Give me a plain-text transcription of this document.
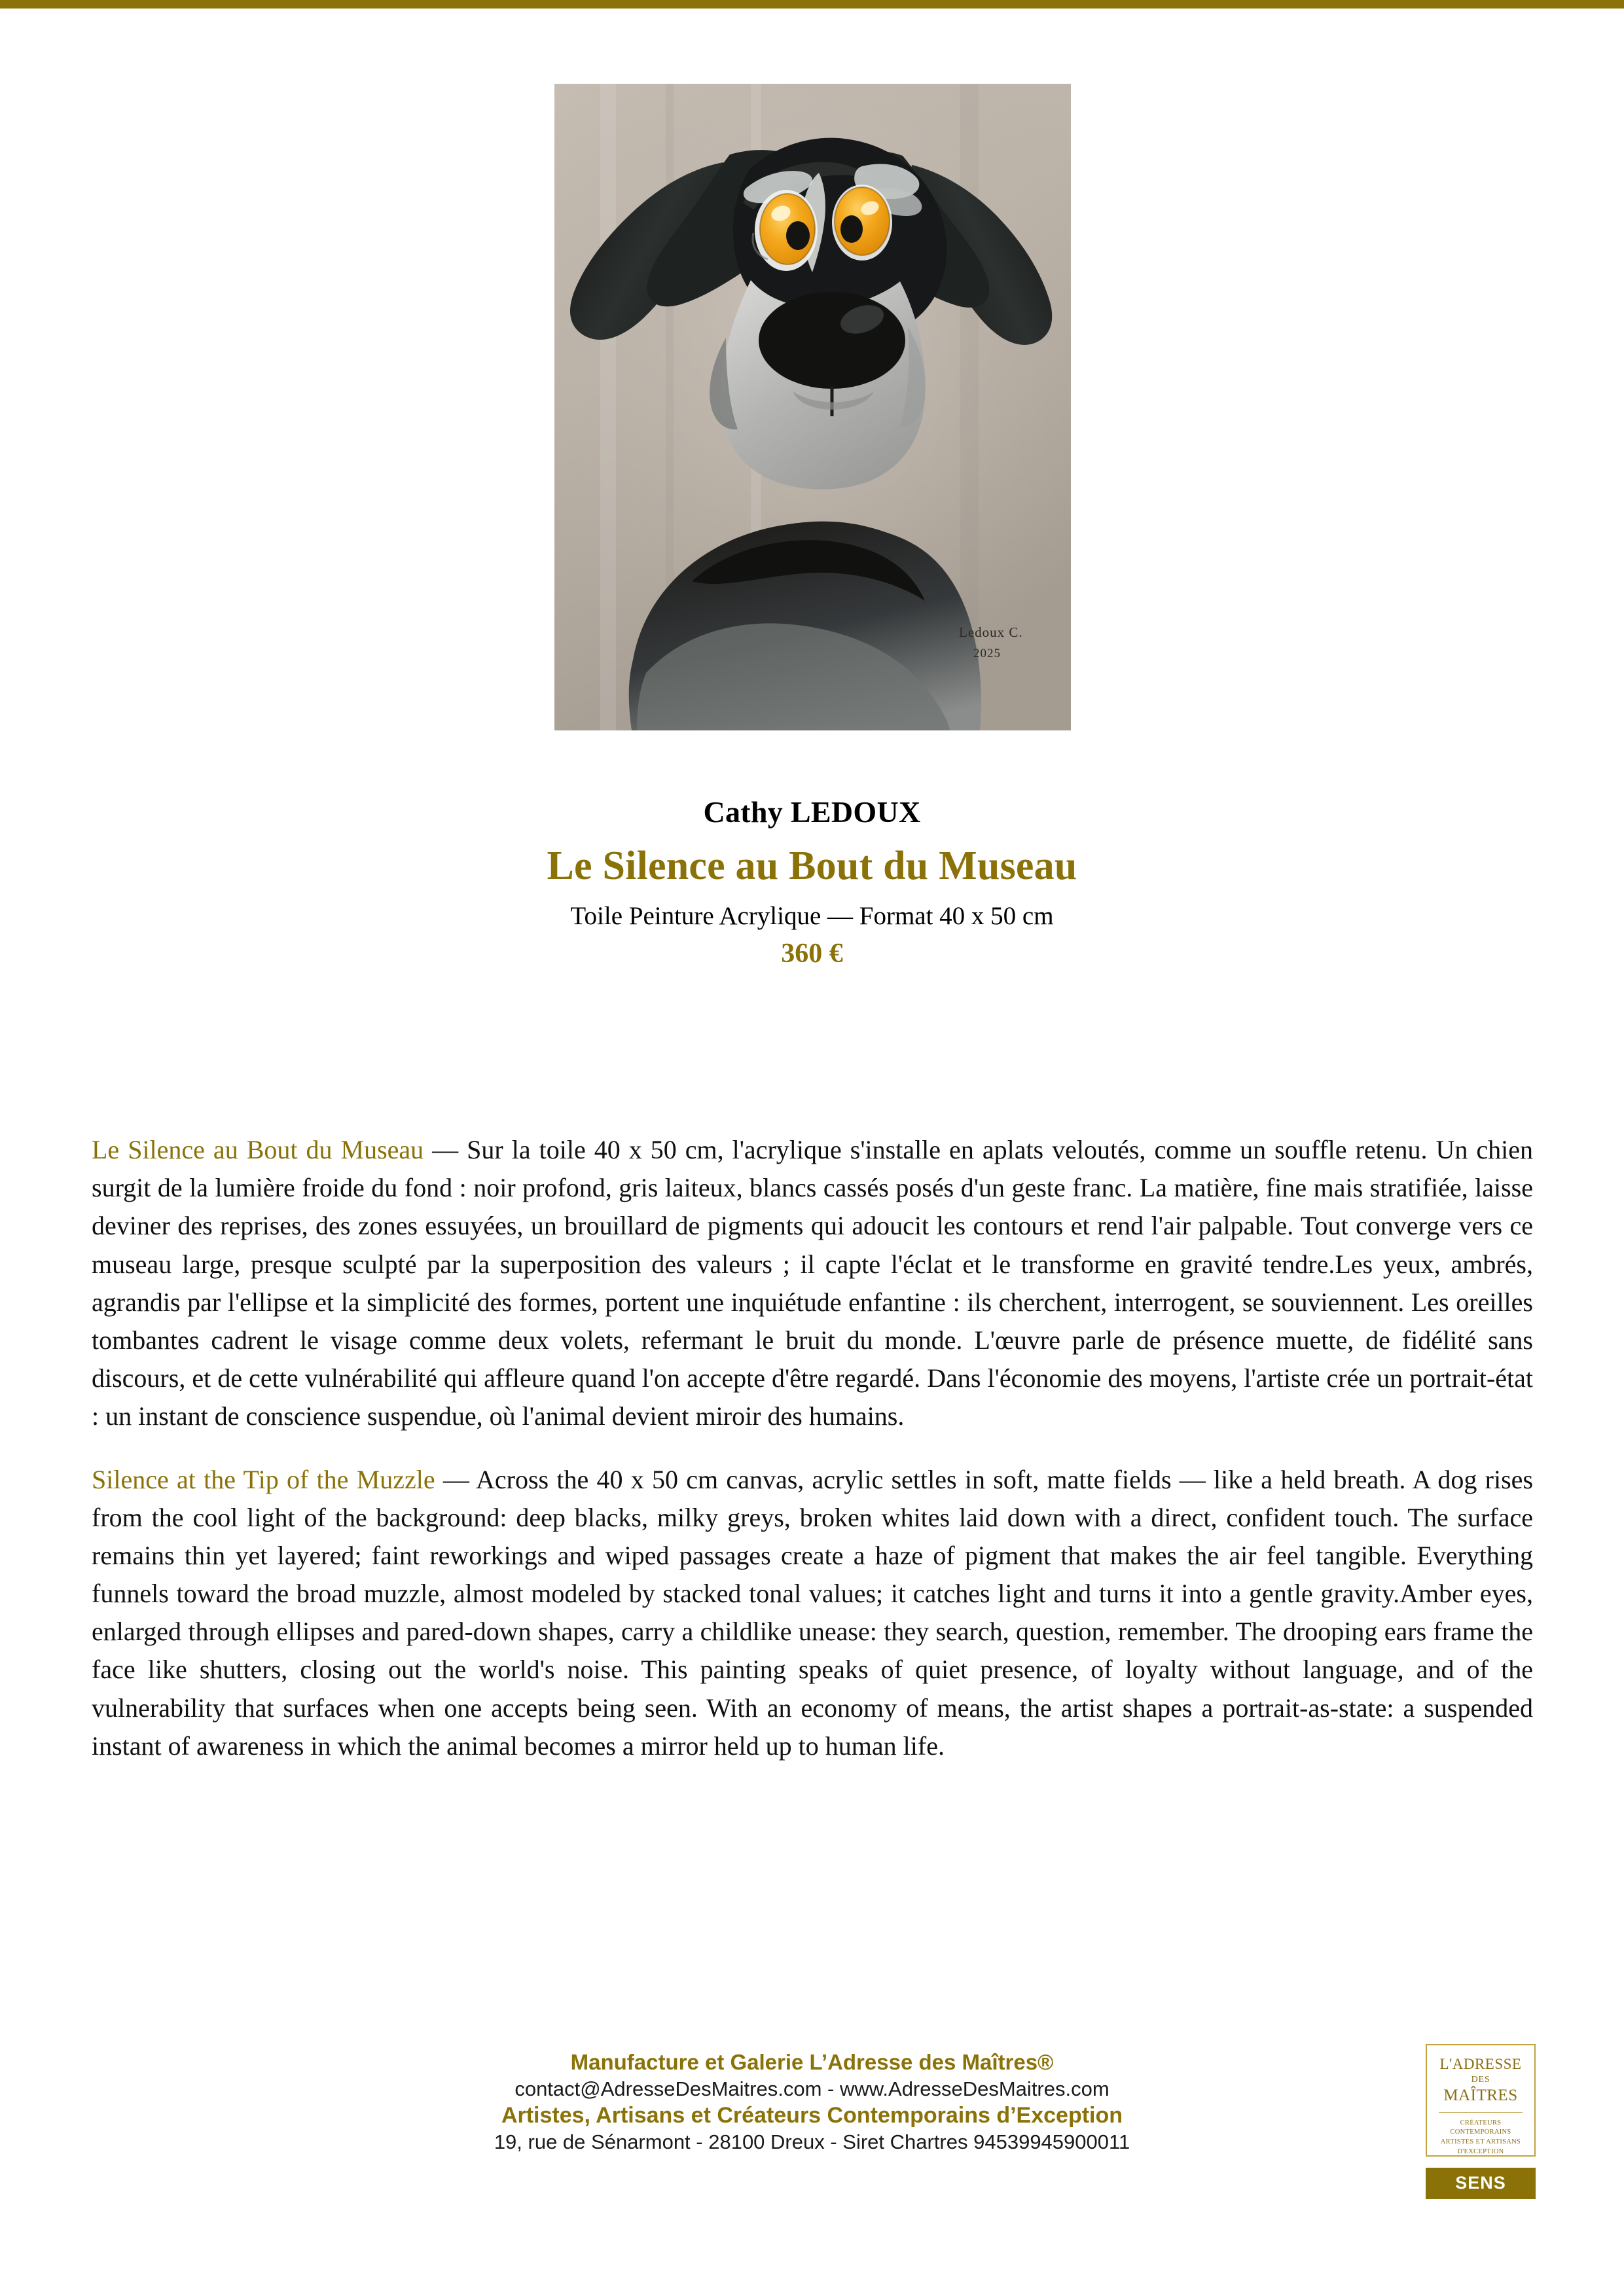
Ledoux C.
2025
Cathy LEDOUX
Le Silence au Bout du Museau
Toile Peinture Acrylique — Format 40 x 50 cm
360 €

Le Silence au Bout du Museau — Sur la toile 40 x 50 cm, l'acrylique s'installe en aplats veloutés, comme un souffle retenu. Un chien surgit de la lumière froide du fond : noir profond, gris laiteux, blancs cassés posés d'un geste franc. La matière, fine mais stratifiée, laisse deviner des reprises, des zones essuyées, un brouillard de pigments qui adoucit les contours et rend l'air palpable. Tout converge vers ce museau large, presque sculpté par la superposition des valeurs ; il capte l'éclat et le transforme en gravité tendre.Les yeux, ambrés, agrandis par l'ellipse et la simplicité des formes, portent une inquiétude enfantine : ils cherchent, interrogent, se souviennent. Les oreilles tombantes cadrent le visage comme deux volets, refermant le bruit du monde. L'œuvre parle de présence muette, de fidélité sans discours, et de cette vulnérabilité qui affleure quand l'on accepte d'être regardé. Dans l'économie des moyens, l'artiste crée un portrait-état : un instant de conscience suspendue, où l'animal devient miroir des humains.

Silence at the Tip of the Muzzle — Across the 40 x 50 cm canvas, acrylic settles in soft, matte fields — like a held breath. A dog rises from the cool light of the background: deep blacks, milky greys, broken whites laid down with a direct, confident touch. The surface remains thin yet layered; faint reworkings and wiped passages create a haze of pigment that makes the air feel tangible. Everything funnels toward the broad muzzle, almost modeled by stacked tonal values; it catches light and turns it into a gentle gravity.Amber eyes, enlarged through ellipses and pared-down shapes, carry a childlike unease: they search, question, remember. The drooping ears frame the face like shutters, closing out the world's noise. This painting speaks of quiet presence, of loyalty without language, and of the vulnerability that surfaces when one accepts being seen. With an economy of means, the artist shapes a portrait-as-state: a suspended instant of awareness in which the animal becomes a mirror held up to human life.

Manufacture et Galerie L’Adresse des Maîtres®

contact@AdresseDesMaitres.com - www.AdresseDesMaitres.com

Artistes, Artisans et Créateurs Contemporains d’Exception

19, rue de Sénarmont - 28100 Dreux - Siret Chartres 94539945900011

L'ADRESSE
DES
MAÎTRES
CRÉATEURS CONTEMPORAINS
ARTISTES ET ARTISANS
D'EXCEPTION
SENS
